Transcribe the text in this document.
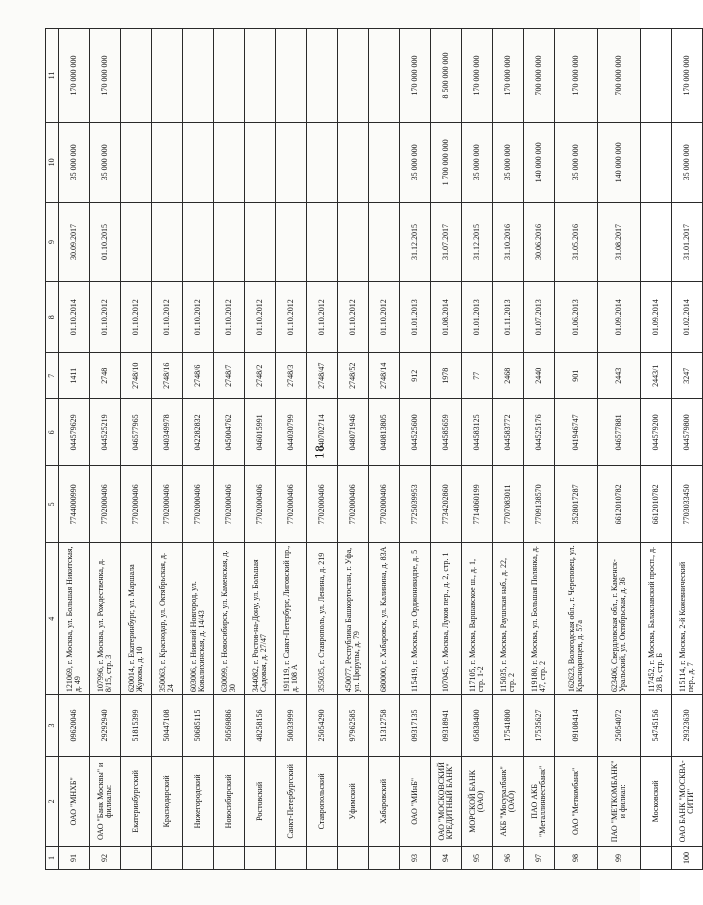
18
1	2	3	4	5	6	7	8	9	10	11
91	ОАО "МНХБ"	09620046	121069, г. Москва, ул. Большая Никитская, д. 49	7744000990	044579629	1411	01.10.2014	30.09.2017	35 000 000	170 000 000
92	ОАО "Банк Москвы" и филиалы:	29292940	107996, г. Москва, ул. Рождественка, д. 8/15, стр. 3	7702000406	044525219	2748	01.10.2012	01.10.2015	35 000 000	170 000 000
	Екатеринбургский	51815399	620014, г. Екатеринбург, ул. Маршала Жукова, д. 10	7702000406	046577965	2748/10	01.10.2012			
	Краснодарский	50447108	350063, г. Краснодар, ул. Октябрьская, д. 24	7702000406	040349978	2748/16	01.10.2012			
	Нижегородский	50685115	603006, г. Нижний Новгород, ул. Ковалихинская, д. 14/43	7702000406	042282832	2748/6	01.10.2012			
	Новосибирский	50569886	630099, г. Новосибирск, ул. Каменская, д. 30	7702000406	045004762	2748/7	01.10.2012			
	Ростовский	48258156	344082, г. Ростов-на-Дону, ул. Большая Садовая, д. 27/47	7702000406	046015991	2748/2	01.10.2012			
	Санкт-Петербургский	50033999	191119, г. Санкт-Петербург, Лиговский пр., д. 108 А	7702000406	044030799	2748/3	01.10.2012			
	Ставропольский	25054290	355035, г. Ставрополь, ул. Ленина, д. 219	7702000406	040702714	2748/47	01.10.2012			
	Уфимский	97962585	450077, Республика Башкортостан, г. Уфа, ул. Цюрупы, д. 79	7702000406	048071946	2748/52	01.10.2012			
	Хабаровский	51312758	680000, г. Хабаровск, ул. Калинина, д. 83А	7702000406	040813805	2748/14	01.10.2012			
93	ОАО "МИнБ"	09317135	115419, г. Москва, ул. Орджоникидзе, д. 5	7725039953	044525600	912	01.01.2013	31.12.2015	35 000 000	170 000 000
94	ОАО "МОСКОВСКИЙ КРЕДИТНЫЙ БАНК"	09318941	107045, г. Москва, Луков пер., д. 2, стр. 1	7734202860	044585659	1978	01.08.2014	31.07.2017	1 700 000 000	8 500 000 000
95	МОРСКОЙ БАНК (ОАО)	05838400	117105, г. Москва, Варшавское ш., д. 1, стр. 1-2	7714060199	044583125	77	01.01.2013	31.12.2015	35 000 000	170 000 000
96	АКБ "Мосуралбанк" (ОАО)	17541800	115035, г. Москва, Раушская наб., д. 22, стр. 2	7707083011	044583772	2468	01.11.2013	31.10.2016	35 000 000	170 000 000
97	ПАО АКБ "Металлинвестбанк"	17535627	119180, г. Москва, ул. Большая Полянка, д. 47, стр. 2	7709138570	044525176	2440	01.07.2013	30.06.2016	140 000 000	700 000 000
98	ОАО "Меткомбанк"	09108414	162623, Вологодская обл., г. Череповец, ул. Краснодонцев, д. 57а	3528017287	041946747	901	01.06.2013	31.05.2016	35 000 000	170 000 000
99	ПАО "МЕТКОМБАНК" и филиал:	25054072	623406, Свердловская обл., г. Каменск-Уральский, ул. Октябрьская, д. 36	6612010782	046577881	2443	01.09.2014	31.08.2017	140 000 000	700 000 000
	Московский	54745156	117452, г. Москва, Балаклавский просп., д. 28 В, стр. Б	6612010782	044579200	2443/1	01.09.2014			
100	ОАО БАНК "МОСКВА-СИТИ"	29323630	115114, г. Москва, 2-й Кожевнический пер., д. 7	7703033450	044579800	3247	01.02.2014	31.01.2017	35 000 000	170 000 000
